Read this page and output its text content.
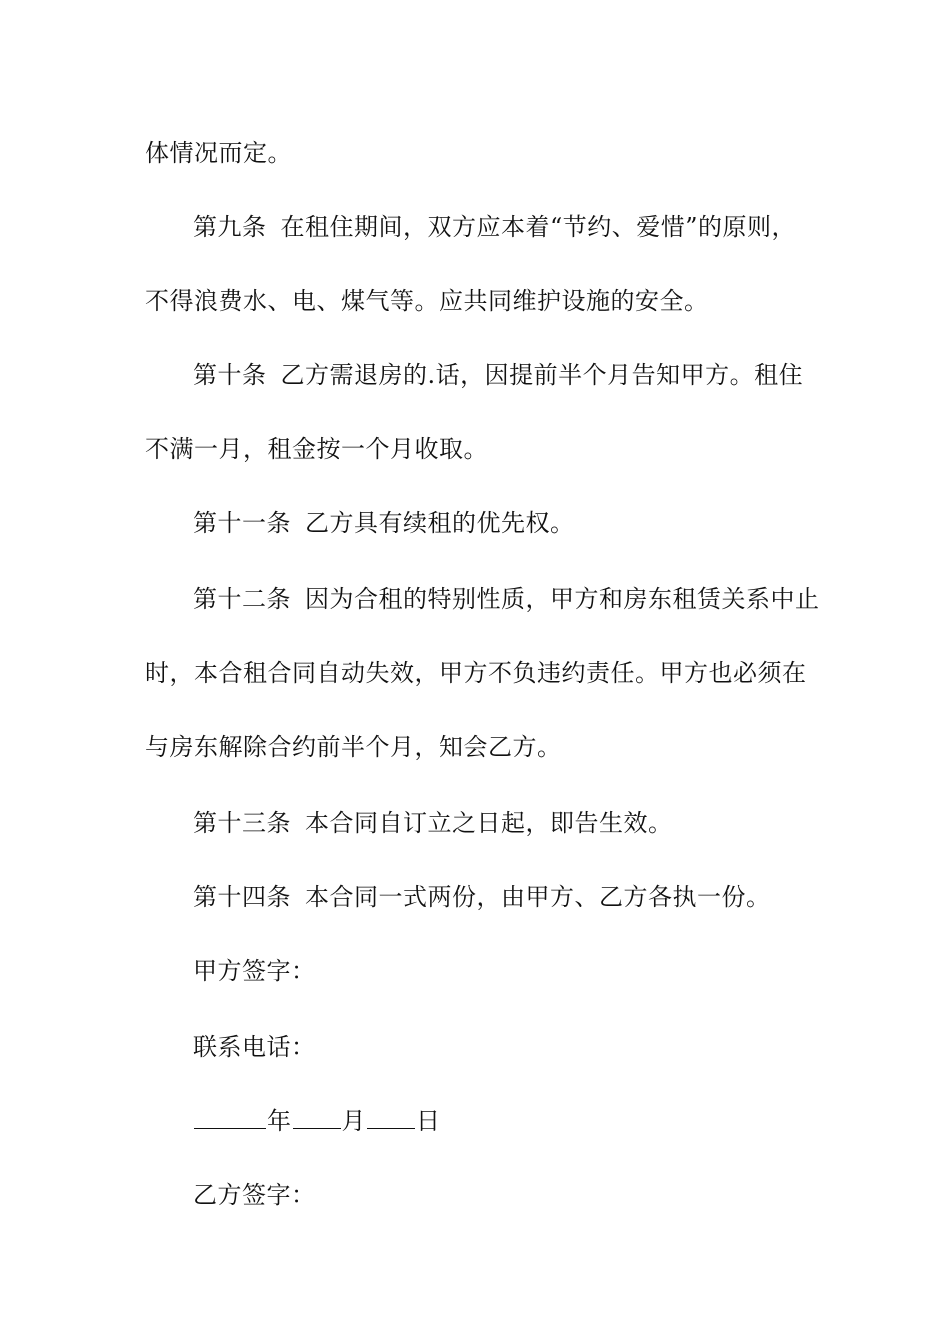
体情况而定。
第九条 在租住期间，双方应本着“节约、爱惜”的原则，
不得浪费水、电、煤气等。应共同维护设施的安全。
第十条 乙方需退房的.话，因提前半个月告知甲方。租住
不满一月，租金按一个月收取。
第十一条 乙方具有续租的优先权。
第十二条 因为合租的特别性质，甲方和房东租赁关系中止
时，本合租合同自动失效，甲方不负违约责任。甲方也必须在
与房东解除合约前半个月，知会乙方。
第十三条 本合同自订立之日起，即告生效。
第十四条 本合同一式两份，由甲方、乙方各执一份。
甲方签字：
联系电话：
年 月 日
乙方签字：
